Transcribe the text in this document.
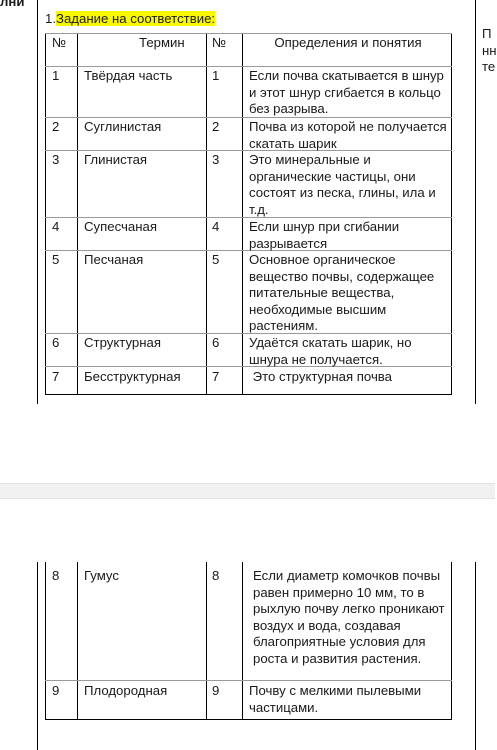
лни
П
нн
те
1.Задание на соответствие:
№	Термин №	Определения и понятия
1 Твёрдая часть	1 Если почва скатывается в шнур и этот шнур сгибается в кольцо без разрыва.
2 Суглинистая	2 Почва из которой не получается скатать шарик
3 Глинистая	3 Это минеральные и органические частицы, они состоят из песка, глины, ила и т.д.
4 Супесчаная	4 Если шнур при сгибании разрывается
5 Песчаная	5 Основное органическое вещество почвы, содержащее питательные вещества, необходимые высшим растениям.
6 Структурная	6 Удаётся скатать шарик, но шнура не получается.
7 Бесструктурная	7 Это структурная почва
8 Гумус	8	Если диаметр комочков почвы равен примерно 10 мм, то в рыхлую почву легко проникают воздух и вода, создавая благоприятные условия для роста и развития растения.
9 Плодородная	9 Почву с мелкими пылевыми частицами.
